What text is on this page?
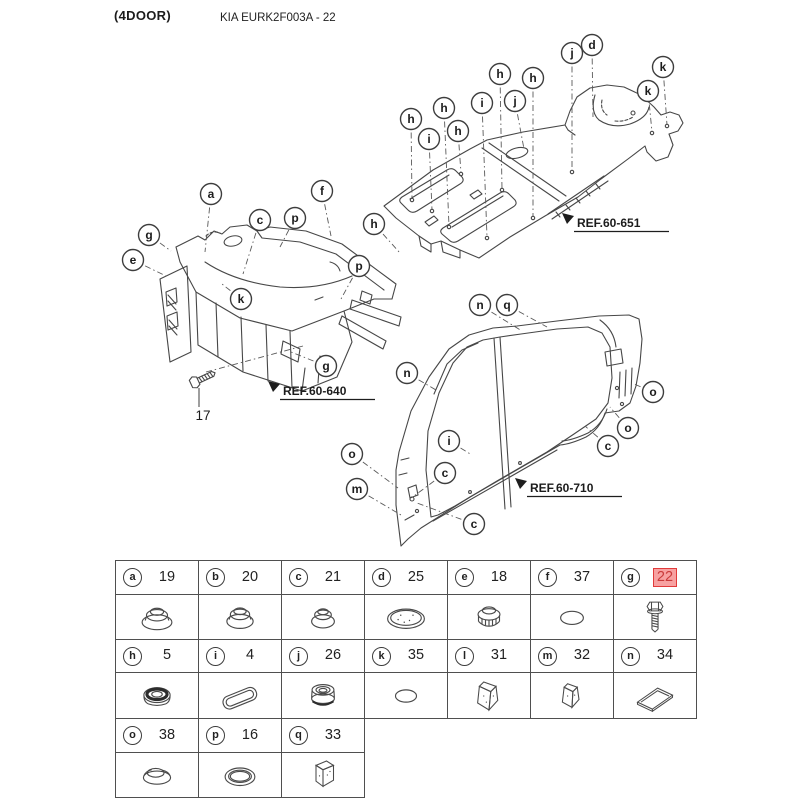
(4DOOR)	KIA EURK2F003A - 22
a
c p
f
g
e
k
p
g
h
h
i
h
h
i
h
j
h
j
d
k
k
n q
n
i
c
c
o
m
o
o
c
REF.60-640
REF.60-651
REF.60-710
17
a 19	b 20	c 21	d 25	e 18	f 37	g 22

h 5	i 4	j 26	k 35	l 31	m 32	n 34

o 38	p 16	q 33				
